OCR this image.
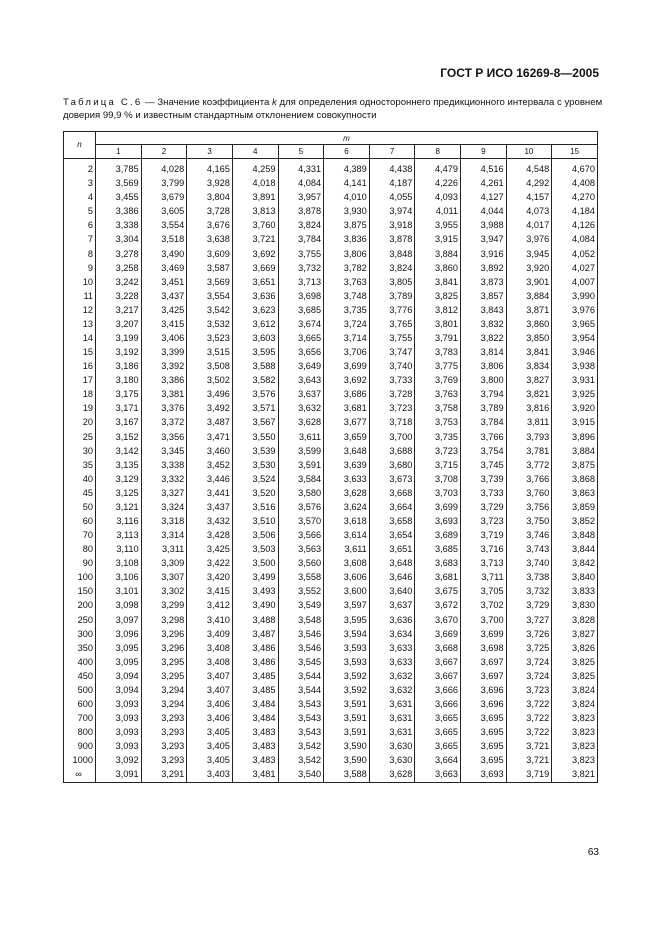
ГОСТ Р ИСО 16269-8—2005
Таблица С.6 — Значение коэффициента k для определения одностороннего предикционного интервала с уровнем доверия 99,9 % и известным стандартным отклонением совокупности
n	m										
	1	2	3	4	5	6	7	8	9	10	15
2	3,785	4,028	4,165	4,259	4,331	4,389	4,438	4,479	4,516	4,548	4,670
3	3,569	3,799	3,928	4,018	4,084	4,141	4,187	4,226	4,261	4,292	4,408
4	3,455	3,679	3,804	3,891	3,957	4,010	4,055	4,093	4,127	4,157	4,270
5	3,386	3,605	3,728	3,813	3,878	3,930	3,974	4,011	4,044	4,073	4,184
6	3,338	3,554	3,676	3,760	3,824	3,875	3,918	3,955	3,988	4,017	4,126
7	3,304	3,518	3,638	3,721	3,784	3,836	3,878	3,915	3,947	3,976	4,084
8	3,278	3,490	3,609	3,692	3,755	3,806	3,848	3,884	3,916	3,945	4,052
9	3,258	3,469	3,587	3,669	3,732	3,782	3,824	3,860	3,892	3,920	4,027
10	3,242	3,451	3,569	3,651	3,713	3,763	3,805	3,841	3,873	3,901	4,007
11	3,228	3,437	3,554	3,636	3,698	3,748	3,789	3,825	3,857	3,884	3,990
12	3,217	3,425	3,542	3,623	3,685	3,735	3,776	3,812	3,843	3,871	3,976
13	3,207	3,415	3,532	3,612	3,674	3,724	3,765	3,801	3,832	3,860	3,965
14	3,199	3,406	3,523	3,603	3,665	3,714	3,755	3,791	3,822	3,850	3,954
15	3,192	3,399	3,515	3,595	3,656	3,706	3,747	3,783	3,814	3,841	3,946
16	3,186	3,392	3,508	3,588	3,649	3,699	3,740	3,775	3,806	3,834	3,938
17	3,180	3,386	3,502	3,582	3,643	3,692	3,733	3,769	3,800	3,827	3,931
18	3,175	3,381	3,496	3,576	3,637	3,686	3,728	3,763	3,794	3,821	3,925
19	3,171	3,376	3,492	3,571	3,632	3,681	3,723	3,758	3,789	3,816	3,920
20	3,167	3,372	3,487	3,567	3,628	3,677	3,718	3,753	3,784	3,811	3,915
25	3,152	3,356	3,471	3,550	3,611	3,659	3,700	3,735	3,766	3,793	3,896
30	3,142	3,345	3,460	3,539	3,599	3,648	3,688	3,723	3,754	3,781	3,884
35	3,135	3,338	3,452	3,530	3,591	3,639	3,680	3,715	3,745	3,772	3,875
40	3,129	3,332	3,446	3,524	3,584	3,633	3,673	3,708	3,739	3,766	3,868
45	3,125	3,327	3,441	3,520	3,580	3,628	3,668	3,703	3,733	3,760	3,863
50	3,121	3,324	3,437	3,516	3,576	3,624	3,664	3,699	3,729	3,756	3,859
60	3,116	3,318	3,432	3,510	3,570	3,618	3,658	3,693	3,723	3,750	3,852
70	3,113	3,314	3,428	3,506	3,566	3,614	3,654	3,689	3,719	3,746	3,848
80	3,110	3,311	3,425	3,503	3,563	3,611	3,651	3,685	3,716	3,743	3,844
90	3,108	3,309	3,422	3,500	3,560	3,608	3,648	3,683	3,713	3,740	3,842
100	3,106	3,307	3,420	3,499	3,558	3,606	3,646	3,681	3,711	3,738	3,840
150	3,101	3,302	3,415	3,493	3,552	3,600	3,640	3,675	3,705	3,732	3,833
200	3,098	3,299	3,412	3,490	3,549	3,597	3,637	3,672	3,702	3,729	3,830
250	3,097	3,298	3,410	3,488	3,548	3,595	3,636	3,670	3,700	3,727	3,828
300	3,096	3,296	3,409	3,487	3,546	3,594	3,634	3,669	3,699	3,726	3,827
350	3,095	3,296	3,408	3,486	3,546	3,593	3,633	3,668	3,698	3,725	3,826
400	3,095	3,295	3,408	3,486	3,545	3,593	3,633	3,667	3,697	3,724	3,825
450	3,094	3,295	3,407	3,485	3,544	3,592	3,632	3,667	3,697	3,724	3,825
500	3,094	3,294	3,407	3,485	3,544	3,592	3,632	3,666	3,696	3,723	3,824
600	3,093	3,294	3,406	3,484	3,543	3,591	3,631	3,666	3,696	3,722	3,824
700	3,093	3,293	3,406	3,484	3,543	3,591	3,631	3,665	3,695	3,722	3,823
800	3,093	3,293	3,405	3,483	3,543	3,591	3,631	3,665	3,695	3,722	3,823
900	3,093	3,293	3,405	3,483	3,542	3,590	3,630	3,665	3,695	3,721	3,823
1000	3,092	3,293	3,405	3,483	3,542	3,590	3,630	3,664	3,695	3,721	3,823
∞	3,091	3,291	3,403	3,481	3,540	3,588	3,628	3,663	3,693	3,719	3,821
63
